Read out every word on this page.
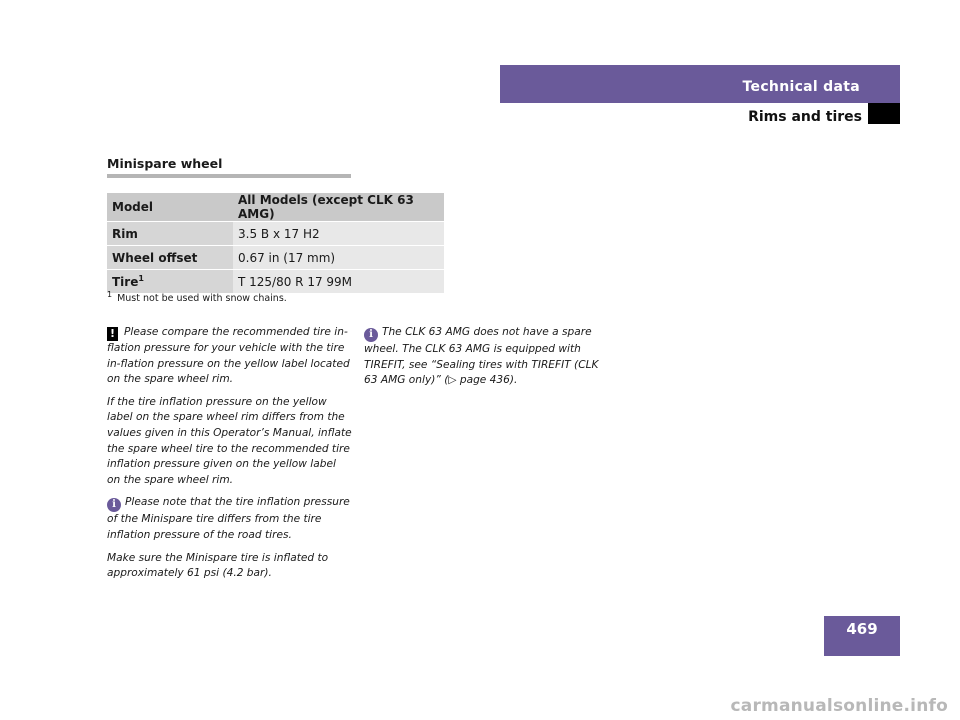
Technical data
Rims and tires
Minispare wheel
Model	All Models (except CLK 63 AMG)
Rim	3.5 B x 17 H2
Wheel offset	0.67 in (17 mm)
Tire$^1$	T 125/80 R 17 99M
$^1$ Must not be used with snow chains.

! Please compare the recommended tire in-flation pressure for your vehicle with the tire in-flation pressure on the yellow label located on the spare wheel rim.

If the tire inflation pressure on the yellow label on the spare wheel rim differs from the values given in this Operator’s Manual, inflate the spare wheel tire to the recommended tire inflation pressure given on the yellow label on the spare wheel rim.

i Please note that the tire inflation pressure of the Minispare tire differs from the tire inflation pressure of the road tires.

Make sure the Minispare tire is inflated to approximately 61 psi (4.2 bar).

i The CLK 63 AMG does not have a spare wheel. The CLK 63 AMG is equipped with TIREFIT, see “Sealing tires with TIREFIT (CLK 63 AMG only)” (▷ page 436).

469
carmanualsonline.info
